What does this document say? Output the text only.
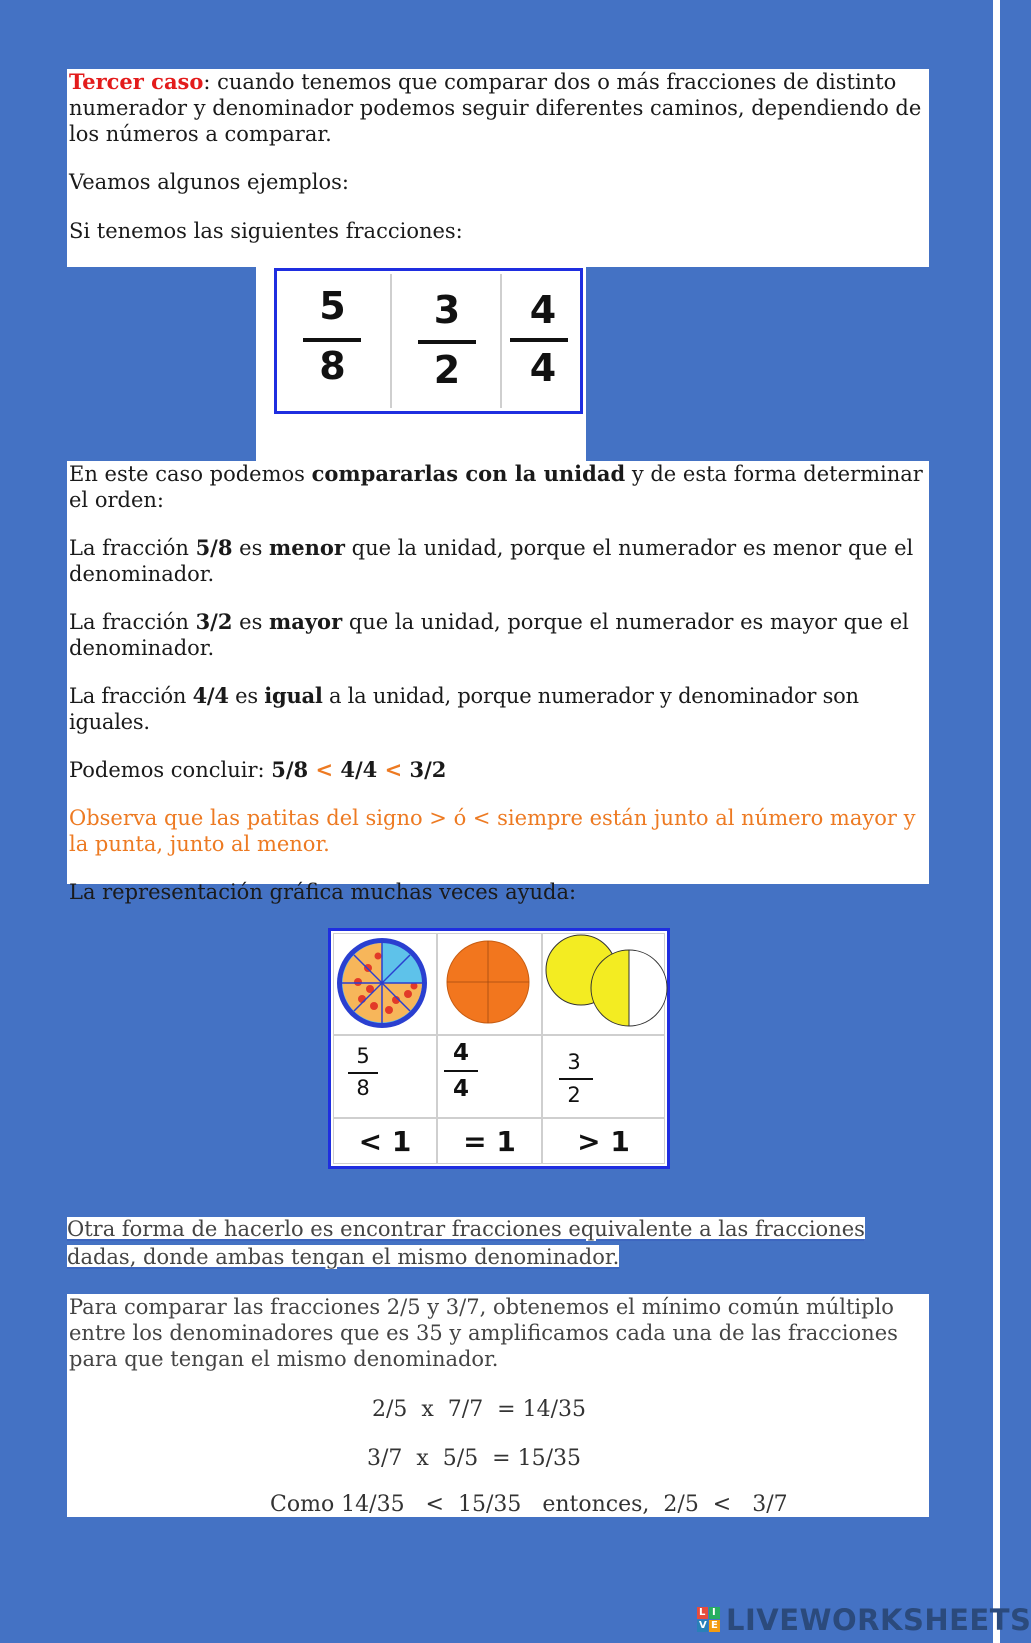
Tercer caso: cuando tenemos que comparar dos o más fracciones de distinto numerador y denominador podemos seguir diferentes caminos, dependiendo de los números a comparar.

Veamos algunos ejemplos:

Si tenemos las siguientes fracciones:

5
8
3
2
4
4

En este caso podemos compararlas con la unidad y de esta forma determinar el orden:

La fracción 5/8 es menor que la unidad, porque el numerador es menor que el denominador.

La fracción 3/2 es mayor que la unidad, porque el numerador es mayor que el denominador.

La fracción 4/4 es igual a la unidad, porque numerador y denominador son iguales.

Podemos concluir: 5/8 < 4/4 < 3/2

Observa que las patitas del signo > ó < siempre están junto al número mayor y la punta, junto al menor.

La representación gráfica muchas veces ayuda:

5
8
4
4
3
2
< 1	= 1	> 1

Otra forma de hacerlo es encontrar fracciones equivalente a las fracciones dadas, donde ambas tengan el mismo denominador.

Para comparar las fracciones 2/5 y 3/7, obtenemos el mínimo común múltiplo entre los denominadores que es 35 y amplificamos cada una de las fracciones para que tengan el mismo denominador.

2/5  x  7/7  = 14/35
3/7  x  5/5  = 15/35
Como 14/35   <  15/35   entonces,  2/5  <   3/7
L I
V E LIVEWORKSHEETS
